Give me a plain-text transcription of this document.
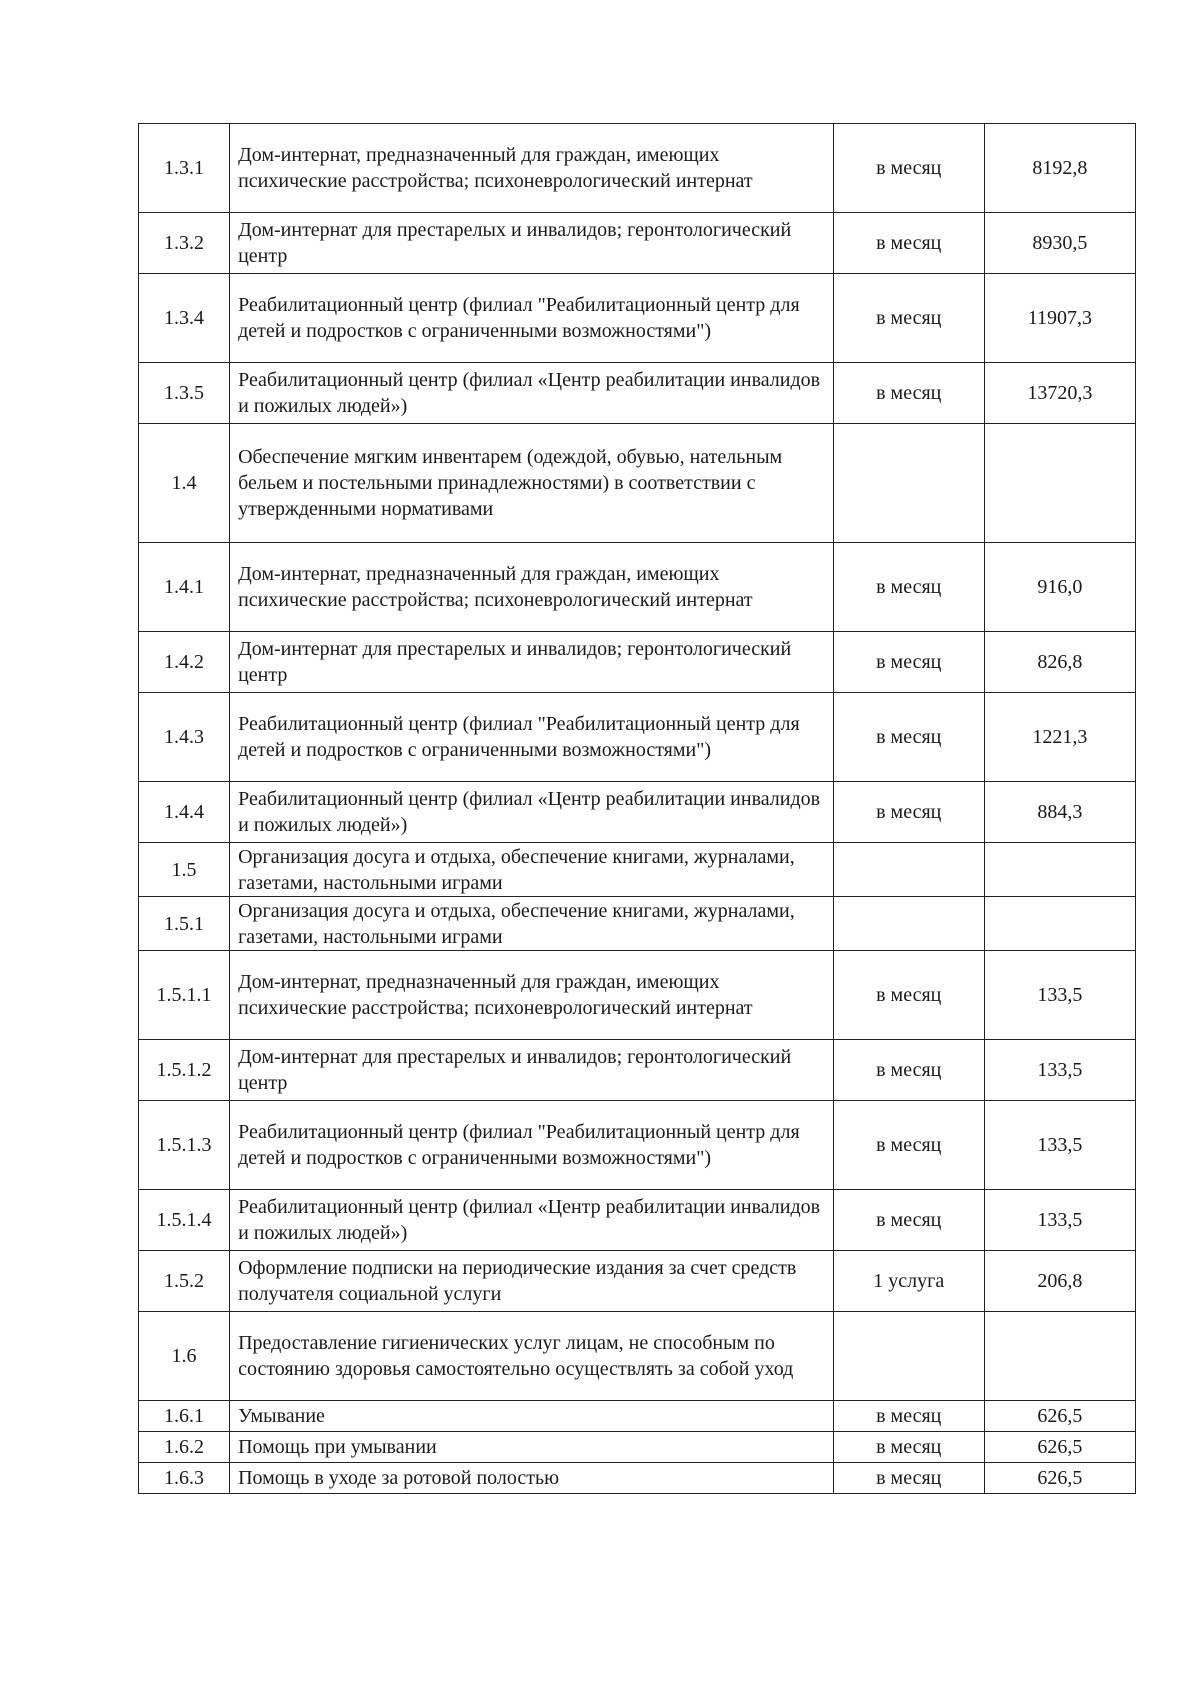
1.3.1	Дом-интернат, предназначенный для граждан, имеющих психические расстройства; психоневрологический интернат	в месяц	8192,8
1.3.2	Дом-интернат для престарелых и инвалидов; геронтологический центр	в месяц	8930,5
1.3.4	Реабилитационный центр (филиал "Реабилитационный центр для детей и подростков с ограниченными возможностями")	в месяц	11907,3
1.3.5	Реабилитационный центр (филиал «Центр реабилитации инвалидов и пожилых людей»)	в месяц	13720,3
1.4	Обеспечение мягким инвентарем (одеждой, обувью, нательным бельем и постельными принадлежностями) в соответствии с утвержденными нормативами		
1.4.1	Дом-интернат, предназначенный для граждан, имеющих психические расстройства; психоневрологический интернат	в месяц	916,0
1.4.2	Дом-интернат для престарелых и инвалидов; геронтологический центр	в месяц	826,8
1.4.3	Реабилитационный центр (филиал "Реабилитационный центр для детей и подростков с ограниченными возможностями")	в месяц	1221,3
1.4.4	Реабилитационный центр (филиал «Центр реабилитации инвалидов и пожилых людей»)	в месяц	884,3
1.5	Организация досуга и отдыха, обеспечение книгами, журналами, газетами, настольными играми		
1.5.1	Организация досуга и отдыха, обеспечение книгами, журналами, газетами, настольными играми		
1.5.1.1	Дом-интернат, предназначенный для граждан, имеющих психические расстройства; психоневрологический интернат	в месяц	133,5
1.5.1.2	Дом-интернат для престарелых и инвалидов; геронтологический центр	в месяц	133,5
1.5.1.3	Реабилитационный центр (филиал "Реабилитационный центр для детей и подростков с ограниченными возможностями")	в месяц	133,5
1.5.1.4	Реабилитационный центр (филиал «Центр реабилитации инвалидов и пожилых людей»)	в месяц	133,5
1.5.2	Оформление подписки на периодические издания за счет средств получателя социальной услуги	1 услуга	206,8
1.6	Предоставление гигиенических услуг лицам, не способным по состоянию здоровья самостоятельно осуществлять за собой уход		
1.6.1	Умывание	в месяц	626,5
1.6.2	Помощь при умывании	в месяц	626,5
1.6.3	Помощь в уходе за ротовой полостью	в месяц	626,5
